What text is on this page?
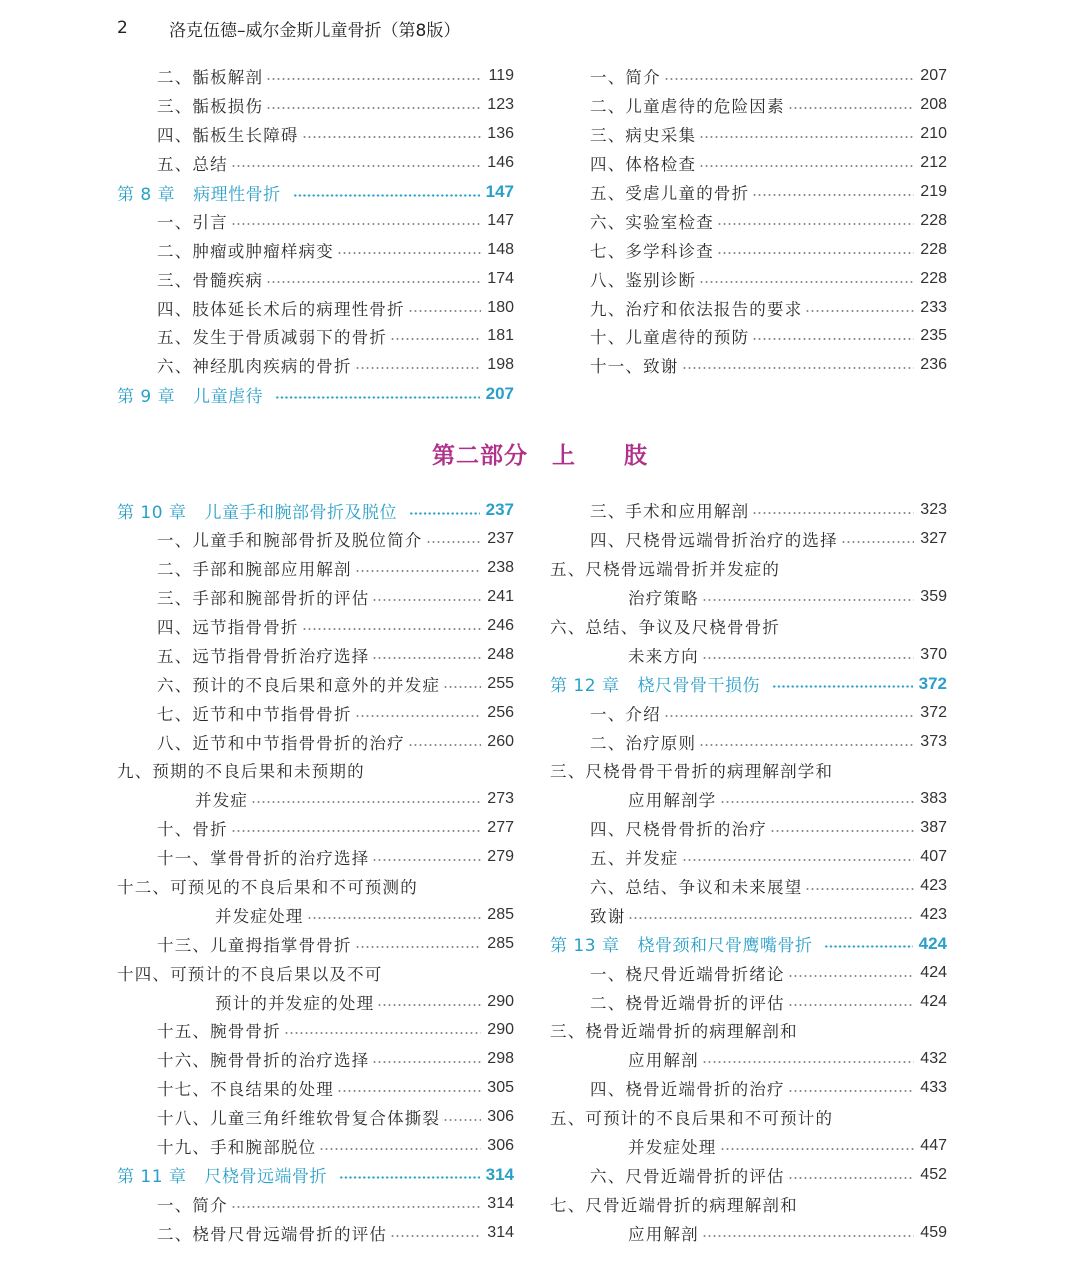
2	洛克伍德–威尔金斯儿童骨折（第8版）
二、骺板解剖	119
三、骺板损伤	123
四、骺板生长障碍	136
五、总结	146
第 8 章 病理性骨折	147
一、引言	147
二、肿瘤或肿瘤样病变	148
三、骨髓疾病	174
四、肢体延长术后的病理性骨折	180
五、发生于骨质减弱下的骨折	181
六、神经肌肉疾病的骨折	198
第 9 章 儿童虐待	207
一、简介	207
二、儿童虐待的危险因素	208
三、病史采集	210
四、体格检查	212
五、受虐儿童的骨折	219
六、实验室检查	228
七、多学科诊查	228
八、鉴别诊断	228
九、治疗和依法报告的要求	233
十、儿童虐待的预防	235
十一、致谢	236
第二部分　上　　肢
第 10 章 儿童手和腕部骨折及脱位	237
一、儿童手和腕部骨折及脱位简介	237
二、手部和腕部应用解剖	238
三、手部和腕部骨折的评估	241
四、远节指骨骨折	246
五、远节指骨骨折治疗选择	248
六、预计的不良后果和意外的并发症	255
七、近节和中节指骨骨折	256
八、近节和中节指骨骨折的治疗	260
九、预期的不良后果和未预期的
并发症	273
十、骨折	277
十一、掌骨骨折的治疗选择	279
十二、可预见的不良后果和不可预测的
并发症处理	285
十三、儿童拇指掌骨骨折	285
十四、可预计的不良后果以及不可
预计的并发症的处理	290
十五、腕骨骨折	290
十六、腕骨骨折的治疗选择	298
十七、不良结果的处理	305
十八、儿童三角纤维软骨复合体撕裂	306
十九、手和腕部脱位	306
第 11 章 尺桡骨远端骨折	314
一、简介	314
二、桡骨尺骨远端骨折的评估	314
三、手术和应用解剖	323
四、尺桡骨远端骨折治疗的选择	327
五、尺桡骨远端骨折并发症的
治疗策略	359
六、总结、争议及尺桡骨骨折
未来方向	370
第 12 章 桡尺骨骨干损伤	372
一、介绍	372
二、治疗原则	373
三、尺桡骨骨干骨折的病理解剖学和
应用解剖学	383
四、尺桡骨骨折的治疗	387
五、并发症	407
六、总结、争议和未来展望	423
致谢	423
第 13 章 桡骨颈和尺骨鹰嘴骨折	424
一、桡尺骨近端骨折绪论	424
二、桡骨近端骨折的评估	424
三、桡骨近端骨折的病理解剖和
应用解剖	432
四、桡骨近端骨折的治疗	433
五、可预计的不良后果和不可预计的
并发症处理	447
六、尺骨近端骨折的评估	452
七、尺骨近端骨折的病理解剖和
应用解剖	459
